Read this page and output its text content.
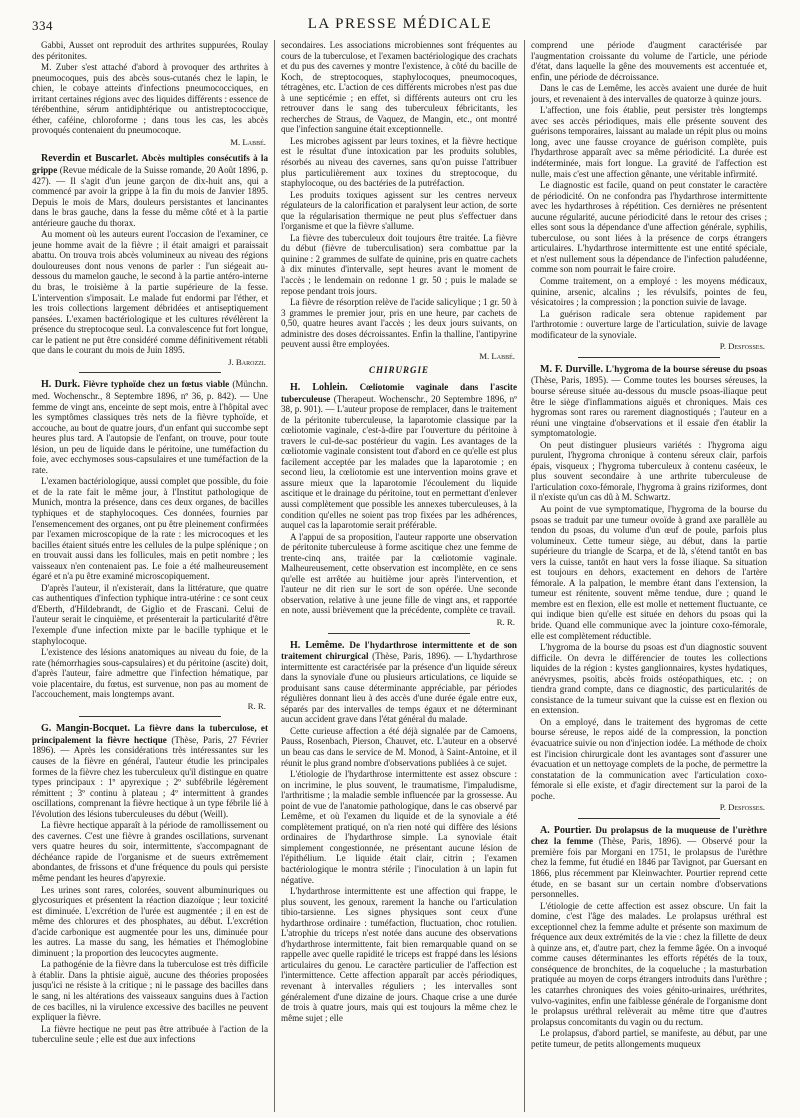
334	LA PRESSE MÉDICALE

Gabbi, Ausset ont reproduit des arthrites suppurées, Roulay des péritonites.

M. Zuber s'est attaché d'abord à provoquer des arthrites à pneumocoques, puis des abcès sous-cutanés chez le lapin, le chien, le cobaye atteints d'infections pneumococciques, en irritant certaines régions avec des liquides différents : essence de térébenthine, sérum antidiphtérique ou antistreptococcique, éther, caféine, chloroforme ; dans tous les cas, les abcès provoqués contenaient du pneumocoque.

M. Labbé.

Reverdin et Buscarlet. Abcès multiples consécutifs à la grippe (Revue médicale de la Suisse romande, 20 Août 1896, p. 427). — Il s'agit d'un jeune garçon de dix-huit ans, qui a commencé par avoir la grippe à la fin du mois de Janvier 1895. Depuis le mois de Mars, douleurs persistantes et lancinantes dans le bras gauche, dans la fesse du même côté et à la partie antérieure gauche du thorax.

Au moment où les auteurs eurent l'occasion de l'examiner, ce jeune homme avait de la fièvre ; il était amaigri et paraissait abattu. On trouva trois abcès volumineux au niveau des régions douloureuses dont nous venons de parler : l'un siégeait au-dessous du mamelon gauche, le second à la partie antéro-interne du bras, le troisième à la partie supérieure de la fesse. L'intervention s'imposait. Le malade fut endormi par l'éther, et les trois collections largement débridées et antiseptiquement pansées. L'examen bactériologique et les cultures révélèrent la présence du streptocoque seul. La convalescence fut fort longue, car le patient ne put être considéré comme définitivement rétabli que dans le courant du mois de Juin 1895.

J. Barozzi.

H. Durk. Fièvre typhoïde chez un fœtus viable (Münchn. med. Wochenschr., 8 Septembre 1896, nº 36, p. 842). — Une femme de vingt ans, enceinte de sept mois, entre à l'hôpital avec les symptômes classiques très nets de la fièvre typhoïde, et accouche, au bout de quatre jours, d'un enfant qui succombe sept heures plus tard. A l'autopsie de l'enfant, on trouve, pour toute lésion, un peu de liquide dans le péritoine, une tuméfaction du foie, avec ecchymoses sous-capsulaires et une tuméfaction de la rate.

L'examen bactériologique, aussi complet que possible, du foie et de la rate fait le même jour, à l'Institut pathologique de Munich, montra la présence, dans ces deux organes, de bacilles typhiques et de staphylocoques. Ces données, fournies par l'ensemencement des organes, ont pu être pleinement confirmées par l'examen microscopique de la rate : les microcoques et les bacilles étaient situés entre les cellules de la pulpe splénique ; on en trouvait aussi dans les follicules, mais en petit nombre ; les vaisseaux n'en contenaient pas. Le foie a été malheureusement égaré et n'a pu être examiné microscopiquement.

D'après l'auteur, il n'existerait, dans la littérature, que quatre cas authentiques d'infection typhique intra-utérine : ce sont ceux d'Eberth, d'Hildebrandt, de Giglio et de Frascani. Celui de l'auteur serait le cinquième, et présenterait la particularité d'être l'exemple d'une infection mixte par le bacille typhique et le staphylocoque.

L'existence des lésions anatomiques au niveau du foie, de la rate (hémorrhagies sous-capsulaires) et du péritoine (ascite) doit, d'après l'auteur, faire admettre que l'infection hématique, par voie placentaire, du fœtus, est survenue, non pas au moment de l'accouchement, mais longtemps avant.

R. R.

G. Mangin-Bocquet. La fièvre dans la tuberculose, et principalement la fièvre hectique (Thèse, Paris, 27 Février 1896). — Après les considérations très intéressantes sur les causes de la fièvre en général, l'auteur étudie les principales formes de la fièvre chez les tuberculeux qu'il distingue en quatre types principaux : 1º apyrexique ; 2º subfébrile légèrement rémittent ; 3º continu à plateau ; 4º intermittent à grandes oscillations, comprenant la fièvre hectique à un type fébrile lié à l'évolution des lésions tuberculeuses du début (Weill).

La fièvre hectique apparaît à la période de ramollissement ou des cavernes. C'est une fièvre à grandes oscillations, survenant vers quatre heures du soir, intermittente, s'accompagnant de déchéance rapide de l'organisme et de sueurs extrêmement abondantes, de frissons et d'une fréquence du pouls qui persiste même pendant les heures d'apyrexie.

Les urines sont rares, colorées, souvent albuminuriques ou glycosuriques et présentent la réaction diazoïque ; leur toxicité est diminuée. L'excrétion de l'urée est augmentée ; il en est de même des chlorures et des phosphates, au début. L'excrétion d'acide carbonique est augmentée pour les uns, diminuée pour les autres. La masse du sang, les hématies et l'hémoglobine diminuent ; la proportion des leucocytes augmente.

La pathogénie de la fièvre dans la tuberculose est très difficile à établir. Dans la phtisie aiguë, aucune des théories proposées jusqu'ici ne résiste à la critique ; ni le passage des bacilles dans le sang, ni les altérations des vaisseaux sanguins dues à l'action de ces bacilles, ni la virulence excessive des bacilles ne peuvent expliquer la fièvre.

La fièvre hectique ne peut pas être attribuée à l'action de la tuberculine seule ; elle est due aux infections

secondaires. Les associations microbiennes sont fréquentes au cours de la tuberculose, et l'examen bactériologique des crachats et du pus des cavernes y montre l'existence, à côté du bacille de Koch, de streptocoques, staphylocoques, pneumocoques, tétragènes, etc. L'action de ces différents microbes n'est pas due à une septicémie ; en effet, si différents auteurs ont cru les retrouver dans le sang des tuberculeux fébricitants, les recherches de Straus, de Vaquez, de Mangin, etc., ont montré que l'infection sanguine était exceptionnelle.

Les microbes agissent par leurs toxines, et la fièvre hectique est le résultat d'une intoxication par les produits solubles, résorbés au niveau des cavernes, sans qu'on puisse l'attribuer plus particulièrement aux toxines du streptocoque, du staphylocoque, ou des bactéries de la putréfaction.

Les produits toxiques agissent sur les centres nerveux régulateurs de la calorification et paralysent leur action, de sorte que la régularisation thermique ne peut plus s'effectuer dans l'organisme et que la fièvre s'allume.

La fièvre des tuberculeux doit toujours être traitée. La fièvre du début (fièvre de tuberculisation) sera combattue par la quinine : 2 grammes de sulfate de quinine, pris en quatre cachets à dix minutes d'intervalle, sept heures avant le moment de l'accès ; le lendemain on redonne 1 gr. 50 ; puis le malade se repose pendant trois jours.

La fièvre de résorption relève de l'acide salicylique ; 1 gr. 50 à 3 grammes le premier jour, pris en une heure, par cachets de 0,50, quatre heures avant l'accès ; les deux jours suivants, on administre des doses décroissantes. Enfin la thalline, l'antipyrine peuvent aussi être employées.

M. Labbé.
CHIRURGIE

H. Lohlein. Cœliotomie vaginale dans l'ascite tuberculeuse (Therapeut. Wochenschr., 20 Septembre 1896, nº 38, p. 901). — L'auteur propose de remplacer, dans le traitement de la péritonite tuberculeuse, la laparotomie classique par la cœliotomie vaginale, c'est-à-dire par l'ouverture du péritoine à travers le cul-de-sac postérieur du vagin. Les avantages de la cœliotomie vaginale consistent tout d'abord en ce qu'elle est plus facilement acceptée par les malades que la laparotomie ; en second lieu, la cœliotomie est une intervention moins grave et assure mieux que la laparotomie l'écoulement du liquide ascitique et le drainage du péritoine, tout en permettant d'enlever aussi complètement que possible les annexes tuberculeuses, à la condition qu'elles ne soient pas trop fixées par les adhérences, auquel cas la laparotomie serait préférable.

A l'appui de sa proposition, l'auteur rapporte une observation de péritonite tuberculeuse à forme ascitique chez une femme de trente-cinq ans, traitée par la cœliotomie vaginale. Malheureusement, cette observation est incomplète, en ce sens qu'elle est arrêtée au huitième jour après l'intervention, et l'auteur ne dit rien sur le sort de son opérée. Une seconde observation, relative à une jeune fille de vingt ans, et rapportée en note, aussi brièvement que la précédente, complète ce travail.

R. R.

H. Lemême. De l'hydarthrose intermittente et de son traitement chirurgical (Thèse, Paris, 1896). — L'hydarthrose intermittente est caractérisée par la présence d'un liquide séreux dans la synoviale d'une ou plusieurs articulations, ce liquide se produisant sans cause déterminante appréciable, par périodes régulières donnant lieu à des accès d'une durée égale entre eux, séparés par des intervalles de temps égaux et ne déterminant aucun accident grave dans l'état général du malade.

Cette curieuse affection a été déjà signalée par de Camoens, Pauss, Rosenbach, Pierson, Chauvet, etc. L'auteur en a observé un beau cas dans le service de M. Monod, à Saint-Antoine, et il réunit le plus grand nombre d'observations publiées à ce sujet.

L'étiologie de l'hydarthrose intermittente est assez obscure : on incrimine, le plus souvent, le traumatisme, l'impaludisme, l'arthritisme ; la maladie semble influencée par la grossesse. Au point de vue de l'anatomie pathologique, dans le cas observé par Lemême, et où l'examen du liquide et de la synoviale a été complètement pratiqué, on n'a rien noté qui diffère des lésions ordinaires de l'hydarthrose simple. La synoviale était simplement congestionnée, ne présentant aucune lésion de l'épithélium. Le liquide était clair, citrin ; l'examen bactériologique le montra stérile ; l'inoculation à un lapin fut négative.

L'hydarthrose intermittente est une affection qui frappe, le plus souvent, les genoux, rarement la hanche ou l'articulation tibio-tarsienne. Les signes physiques sont ceux d'une hydarthrose ordinaire : tuméfaction, fluctuation, choc rotulien. L'atrophie du triceps n'est notée dans aucune des observations d'hydarthrose intermittente, fait bien remarquable quand on se rappelle avec quelle rapidité le triceps est frappé dans les lésions articulaires du genou. Le caractère particulier de l'affection est l'intermittence. Cette affection apparaît par accès périodiques, revenant à intervalles réguliers ; les intervalles sont généralement d'une dizaine de jours. Chaque crise a une durée de trois à quatre jours, mais qui est toujours la même chez le même sujet ; elle

comprend une période d'augment caractérisée par l'augmentation croissante du volume de l'article, une période d'état, dans laquelle la gêne des mouvements est accentuée et, enfin, une période de décroissance.

Dans le cas de Lemême, les accès avaient une durée de huit jours, et revenaient à des intervalles de quatorze à quinze jours.

L'affection, une fois établie, peut persister très longtemps avec ses accès périodiques, mais elle présente souvent des guérisons temporaires, laissant au malade un répit plus ou moins long, avec une fausse croyance de guérison complète, puis l'hydarthrose apparaît avec sa même périodicité. La durée est indéterminée, mais fort longue. La gravité de l'affection est nulle, mais c'est une affection gênante, une véritable infirmité.

Le diagnostic est facile, quand on peut constater le caractère de périodicité. On ne confondra pas l'hydarthrose intermittente avec les hydarthroses à répétition. Ces dernières ne présentent aucune régularité, aucune périodicité dans le retour des crises ; elles sont sous la dépendance d'une affection générale, syphilis, tuberculose, ou sont liées à la présence de corps étrangers articulaires. L'hydarthrose intermittente est une entité spéciale, et n'est nullement sous la dépendance de l'infection paludéenne, comme son nom pourrait le faire croire.

Comme traitement, on a employé : les moyens médicaux, quinine, arsenic, alcalins ; les révulsifs, pointes de feu, vésicatoires ; la compression ; la ponction suivie de lavage.

La guérison radicale sera obtenue rapidement par l'arthrotomie : ouverture large de l'articulation, suivie de lavage modificateur de la synoviale.

P. Desfosses.

M. F. Durville. L'hygroma de la bourse séreuse du psoas (Thèse, Paris, 1895). — Comme toutes les bourses séreuses, la bourse séreuse située au-dessous du muscle psoas-iliaque peut être le siège d'inflammations aiguës et chroniques. Mais ces hygromas sont rares ou rarement diagnostiqués ; l'auteur en a réuni une vingtaine d'observations et il essaie d'en établir la symptomatologie.

On peut distinguer plusieurs variétés : l'hygroma aigu purulent, l'hygroma chronique à contenu séreux clair, parfois épais, visqueux ; l'hygroma tuberculeux à contenu caséeux, le plus souvent secondaire à une arthrite tuberculeuse de l'articulation coxo-fémorale, l'hygroma à grains riziformes, dont il n'existe qu'un cas dû à M. Schwartz.

Au point de vue symptomatique, l'hygroma de la bourse du psoas se traduit par une tumeur ovoïde à grand axe parallèle au tendon du psoas, du volume d'un œuf de poule, parfois plus volumineux. Cette tumeur siège, au début, dans la partie supérieure du triangle de Scarpa, et de là, s'étend tantôt en bas vers la cuisse, tantôt en haut vers la fosse iliaque. Sa situation est toujours en dehors, exactement en dehors de l'artère fémorale. A la palpation, le membre étant dans l'extension, la tumeur est rénitente, souvent même tendue, dure ; quand le membre est en flexion, elle est molle et nettement fluctuante, ce qui indique bien qu'elle est située en dehors du psoas qui la bride. Quand elle communique avec la jointure coxo-fémorale, elle est complètement réductible.

L'hygroma de la bourse du psoas est d'un diagnostic souvent difficile. On devra le différencier de toutes les collections liquides de la région : kystes ganglionnaires, kystes hydatiques, anévrysmes, psoïtis, abcès froids ostéopathiques, etc. ; on tiendra grand compte, dans ce diagnostic, des particularités de consistance de la tumeur suivant que la cuisse est en flexion ou en extension.

On a employé, dans le traitement des hygromas de cette bourse séreuse, le repos aidé de la compression, la ponction évacuatrice suivie ou non d'injection iodée. La méthode de choix est l'incision chirurgicale dont les avantages sont d'assurer une évacuation et un nettoyage complets de la poche, de permettre la constatation de la communication avec l'articulation coxo-fémorale si elle existe, et d'agir directement sur la paroi de la poche.

P. Desfosses.

A. Pourtier. Du prolapsus de la muqueuse de l'urèthre chez la femme (Thèse, Paris, 1896). — Observé pour la première fois par Morgani en 1751, le prolapsus de l'urèthre chez la femme, fut étudié en 1846 par Tavignot, par Guersant en 1866, plus récemment par Kleinwachter. Pourtier reprend cette étude, en se basant sur un certain nombre d'observations personnelles.

L'étiologie de cette affection est assez obscure. Un fait la domine, c'est l'âge des malades. Le prolapsus uréthral est exceptionnel chez la femme adulte et présente son maximum de fréquence aux deux extrémités de la vie : chez la fillette de deux à quinze ans, et, d'autre part, chez la femme âgée. On a invoqué comme causes déterminantes les efforts répétés de la toux, conséquence de bronchites, de la coqueluche ; la masturbation pratiquée au moyen de corps étrangers introduits dans l'urèthre ; les catarrhes chroniques des voies génito-urinaires, uréthrites, vulvo-vaginites, enfin une faiblesse générale de l'organisme dont le prolapsus uréthral relèverait au même titre que d'autres prolapsus concomitants du vagin ou du rectum.

Le prolapsus, d'abord partiel, se manifeste, au début, par une petite tumeur, de petits allongements muqueux
